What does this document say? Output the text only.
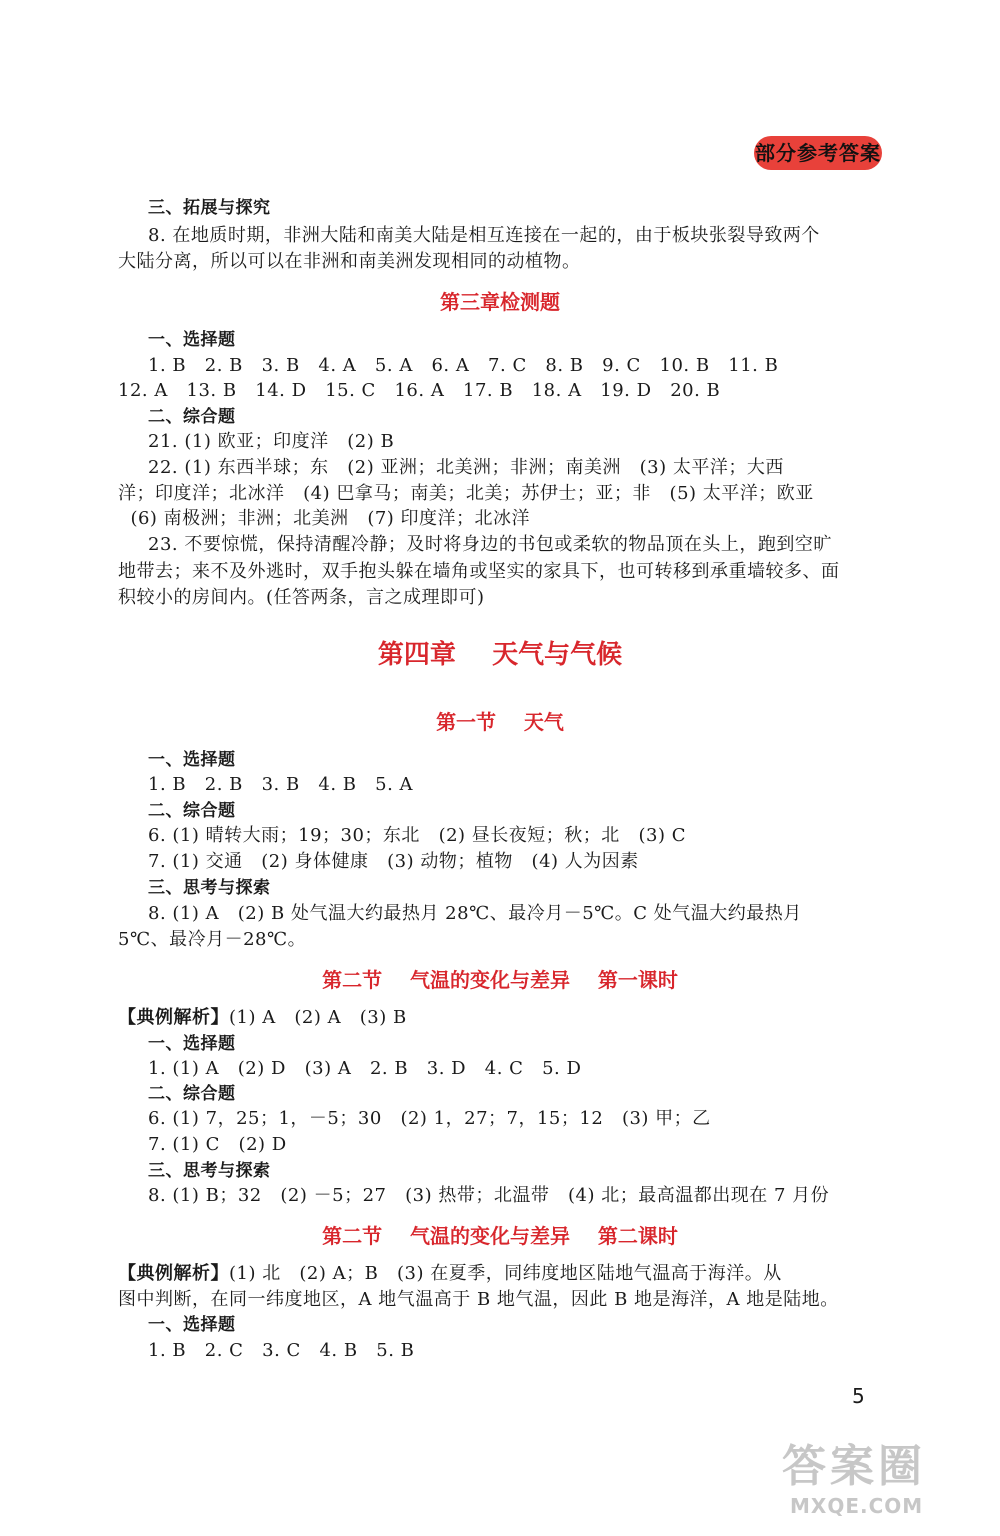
部分参考答案
三、拓展与探究
8. 在地质时期，非洲大陆和南美大陆是相互连接在一起的，由于板块张裂导致两个
大陆分离，所以可以在非洲和南美洲发现相同的动植物。
第三章检测题
一、选择题
1. B   2. B   3. B   4. A   5. A   6. A   7. C   8. B   9. C   10. B   11. B
12. A   13. B   14. D   15. C   16. A   17. B   18. A   19. D   20. B
二、综合题
21. (1) 欧亚；印度洋   (2) B
22. (1) 东西半球；东   (2) 亚洲；北美洲；非洲；南美洲   (3) 太平洋；大西
洋；印度洋；北冰洋   (4) 巴拿马；南美；北美；苏伊士；亚；非   (5) 太平洋；欧亚
(6) 南极洲；非洲；北美洲   (7) 印度洋；北冰洋
23. 不要惊慌，保持清醒冷静；及时将身边的书包或柔软的物品顶在头上，跑到空旷
地带去；来不及外逃时，双手抱头躲在墙角或坚实的家具下，也可转移到承重墙较多、面
积较小的房间内。(任答两条，言之成理即可)
第四章    天气与气候
第一节    天气
一、选择题
1. B   2. B   3. B   4. B   5. A
二、综合题
6. (1) 晴转大雨；19；30；东北   (2) 昼长夜短；秋；北   (3) C
7. (1) 交通   (2) 身体健康   (3) 动物；植物   (4) 人为因素
三、思考与探索
8. (1) A   (2) B 处气温大约最热月 28℃、最冷月－5℃。C 处气温大约最热月
5℃、最冷月－28℃。
第二节    气温的变化与差异    第一课时
【典例解析】(1) A   (2) A   (3) B
一、选择题
1. (1) A   (2) D   (3) A   2. B   3. D   4. C   5. D
二、综合题
6. (1) 7，25；1，－5；30   (2) 1，27；7，15；12   (3) 甲；乙
7. (1) C   (2) D
三、思考与探索
8. (1) B；32   (2) －5；27   (3) 热带；北温带   (4) 北；最高温都出现在 7 月份
第二节    气温的变化与差异    第二课时
【典例解析】(1) 北   (2) A；B   (3) 在夏季，同纬度地区陆地气温高于海洋。从
图中判断，在同一纬度地区，A 地气温高于 B 地气温，因此 B 地是海洋，A 地是陆地。
一、选择题
1. B   2. C   3. C   4. B   5. B
5
答案圈
MXQE.COM
